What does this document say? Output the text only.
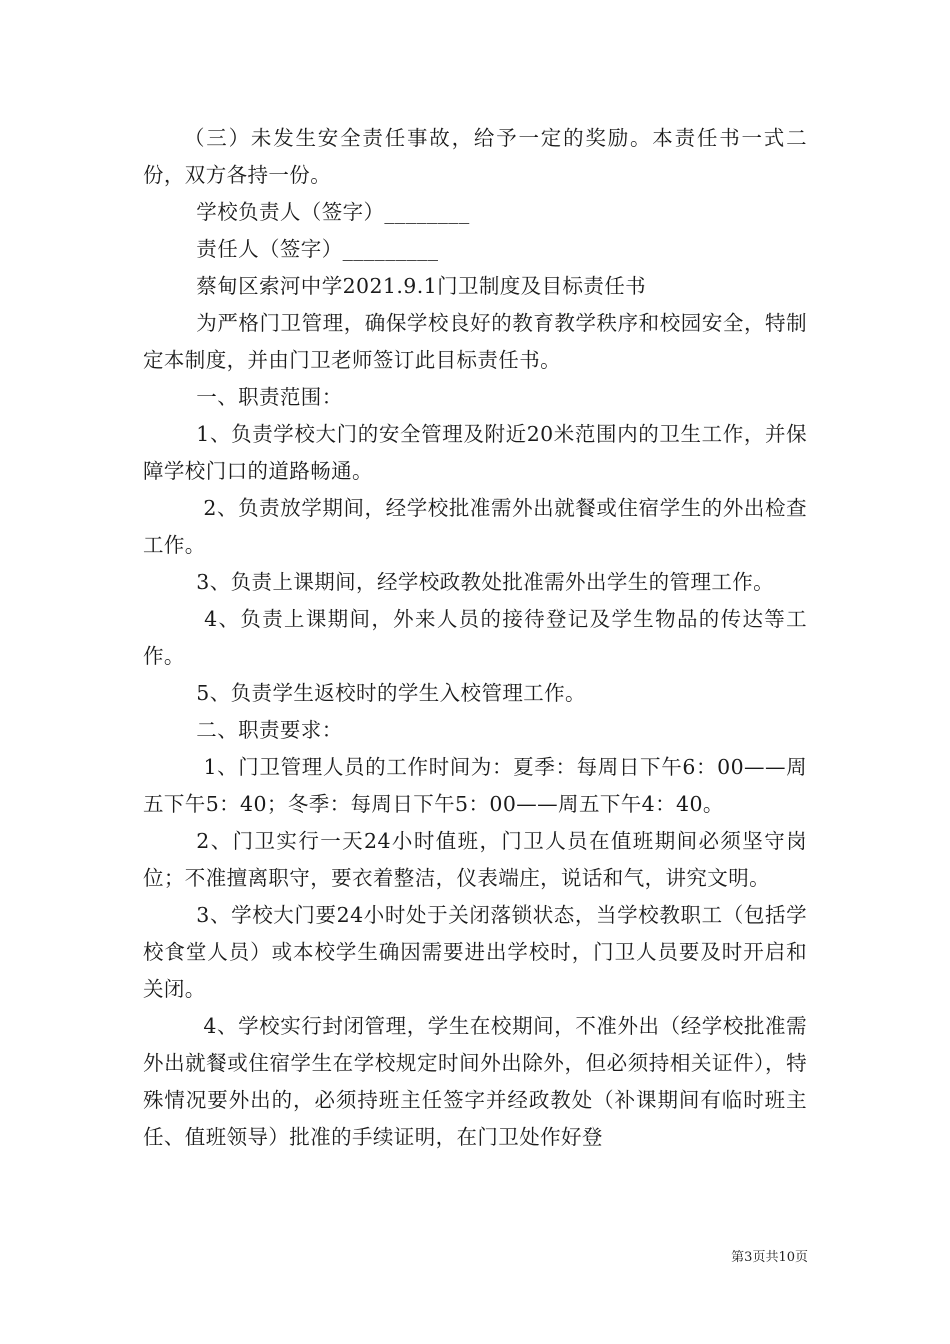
（三）未发生安全责任事故，给予一定的奖励。本责任书一式二份，双方各持一份。

学校负责人（签字）________

责任人（签字）_________

蔡甸区索河中学2021.9.1门卫制度及目标责任书

为严格门卫管理，确保学校良好的教育教学秩序和校园安全，特制定本制度，并由门卫老师签订此目标责任书。

一、职责范围：

1、负责学校大门的安全管理及附近20米范围内的卫生工作，并保障学校门口的道路畅通。

2、负责放学期间，经学校批准需外出就餐或住宿学生的外出检查工作。

3、负责上课期间，经学校政教处批准需外出学生的管理工作。

4、负责上课期间，外来人员的接待登记及学生物品的传达等工作。

5、负责学生返校时的学生入校管理工作。

二、职责要求：

1、门卫管理人员的工作时间为：夏季：每周日下午6：00——周五下午5：40；冬季：每周日下午5：00——周五下午4：40。

2、门卫实行一天24小时值班，门卫人员在值班期间必须坚守岗位；不准擅离职守，要衣着整洁，仪表端庄，说话和气，讲究文明。

3、学校大门要24小时处于关闭落锁状态，当学校教职工（包括学校食堂人员）或本校学生确因需要进出学校时，门卫人员要及时开启和关闭。

4、学校实行封闭管理，学生在校期间，不准外出（经学校批准需外出就餐或住宿学生在学校规定时间外出除外，但必须持相关证件），特殊情况要外出的，必须持班主任签字并经政教处（补课期间有临时班主任、值班领导）批准的手续证明，在门卫处作好登

第3页共10页
